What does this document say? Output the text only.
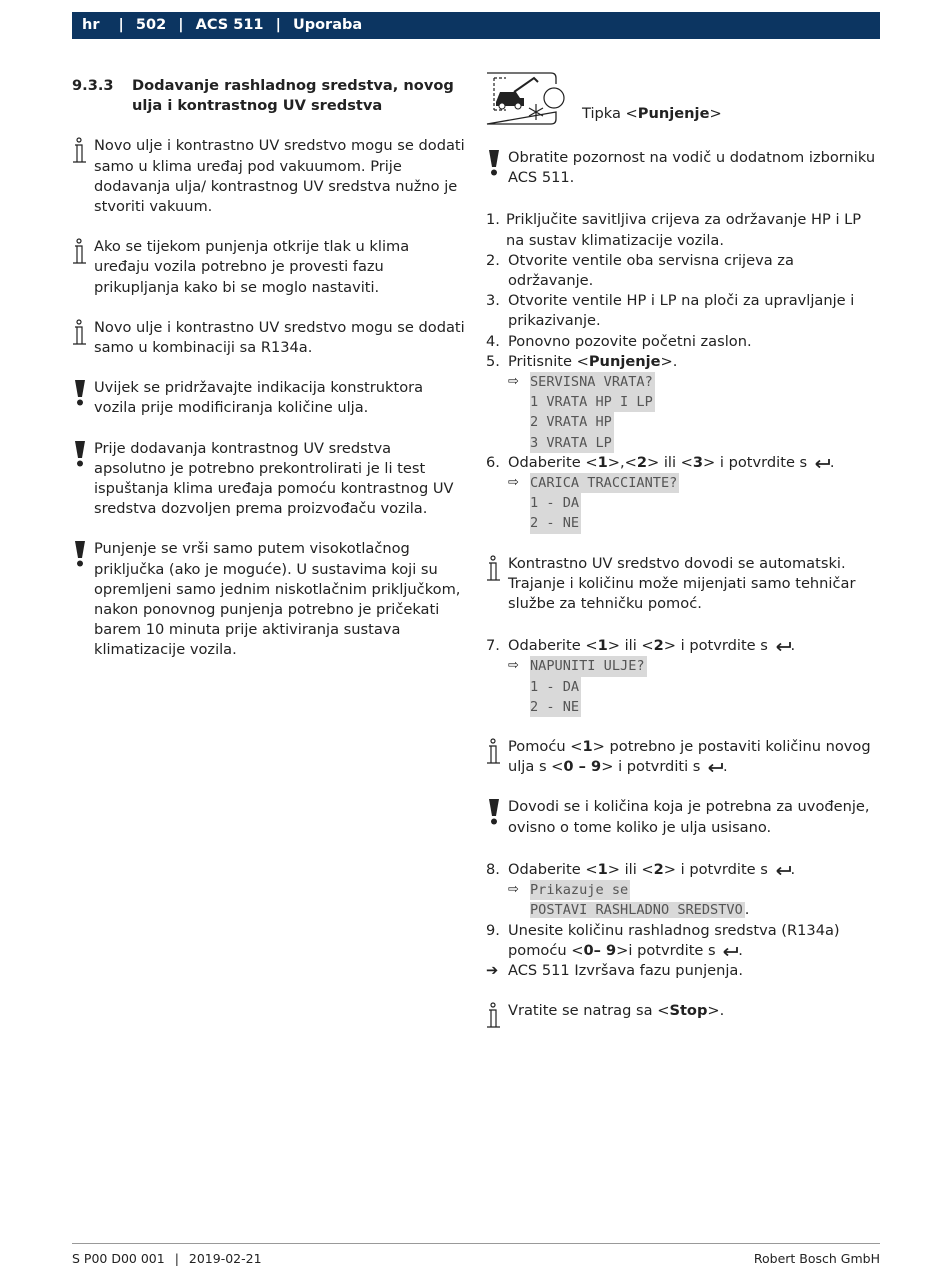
hr | 502 | ACS 511 | Uporaba
9.3.3	Dodavanje rashladnog sredstva, novog ulja i kontrastnog UV sredstva
Novo ulje i kontrastno UV sredstvo mogu se dodati samo u klima uređaj pod vakuumom. Prije dodavanja ulja/ kontrastnog UV sredstva nužno je stvoriti vakuum.
Ako se tijekom punjenja otkrije tlak u klima uređaju vozila potrebno je provesti fazu prikupljanja kako bi se moglo nastaviti.
Novo ulje i kontrastno UV sredstvo mogu se dodati samo u kombinaciji sa R134a.
Uvijek se pridržavajte indikacija konstruktora vozila prije modificiranja količine ulja.
Prije dodavanja kontrastnog UV sredstva apsolutno je potrebno prekontrolirati je li test ispuštanja klima uređaja pomoću kontrastnog UV sredstva dozvoljen prema proizvođaču vozila.
Punjenje se vrši samo putem visokotlačnog priključka (ako je moguće). U sustavima koji su opremljeni samo jednim niskotlačnim priključkom, nakon ponovnog punjenja potrebno je pričekati barem 10 minuta prije aktiviranja sustava klimatizacije vozila.
Tipka <Punjenje>
Obratite pozornost na vodič u dodatnom izborniku ACS 511.
1. Priključite savitljiva crijeva za održavanje HP i LP na sustav klimatizacije vozila.
2. Otvorite ventile oba servisna crijeva za održavanje.
3. Otvorite ventile HP i LP na ploči za upravljanje i prikazivanje.
4. Ponovno pozovite početni zaslon.
5. Pritisnite <Punjenje>.
⇨ SERVISNA VRATA?
1 VRATA HP I LP
2 VRATA HP
3 VRATA LP
6. Odaberite <1>,<2> ili <3> i potvrdite s .
⇨ CARICA TRACCIANTE?
1 - DA
2 - NE
Kontrastno UV sredstvo dovodi se automatski. Trajanje i količinu može mijenjati samo tehničar službe za tehničku pomoć.
7. Odaberite <1> ili <2> i potvrdite s .
⇨ NAPUNITI ULJE?
1 - DA
2 - NE
Pomoću <1> potrebno je postaviti količinu novog ulja s <0 – 9> i potvrditi s .
Dovodi se i količina koja je potrebna za uvođenje, ovisno o tome koliko je ulja usisano.
8. Odaberite <1> ili <2> i potvrdite s .
⇨ Prikazuje se
POSTAVI RASHLADNO SREDSTVO .
9. Unesite količinu rashladnog sredstva (R134a) pomoću <0– 9>i potvrdite s .
➔ ACS 511 Izvršava fazu punjenja.
Vratite se natrag sa <Stop>.
S P00 D00 001 | 2019-02-21	Robert Bosch GmbH
